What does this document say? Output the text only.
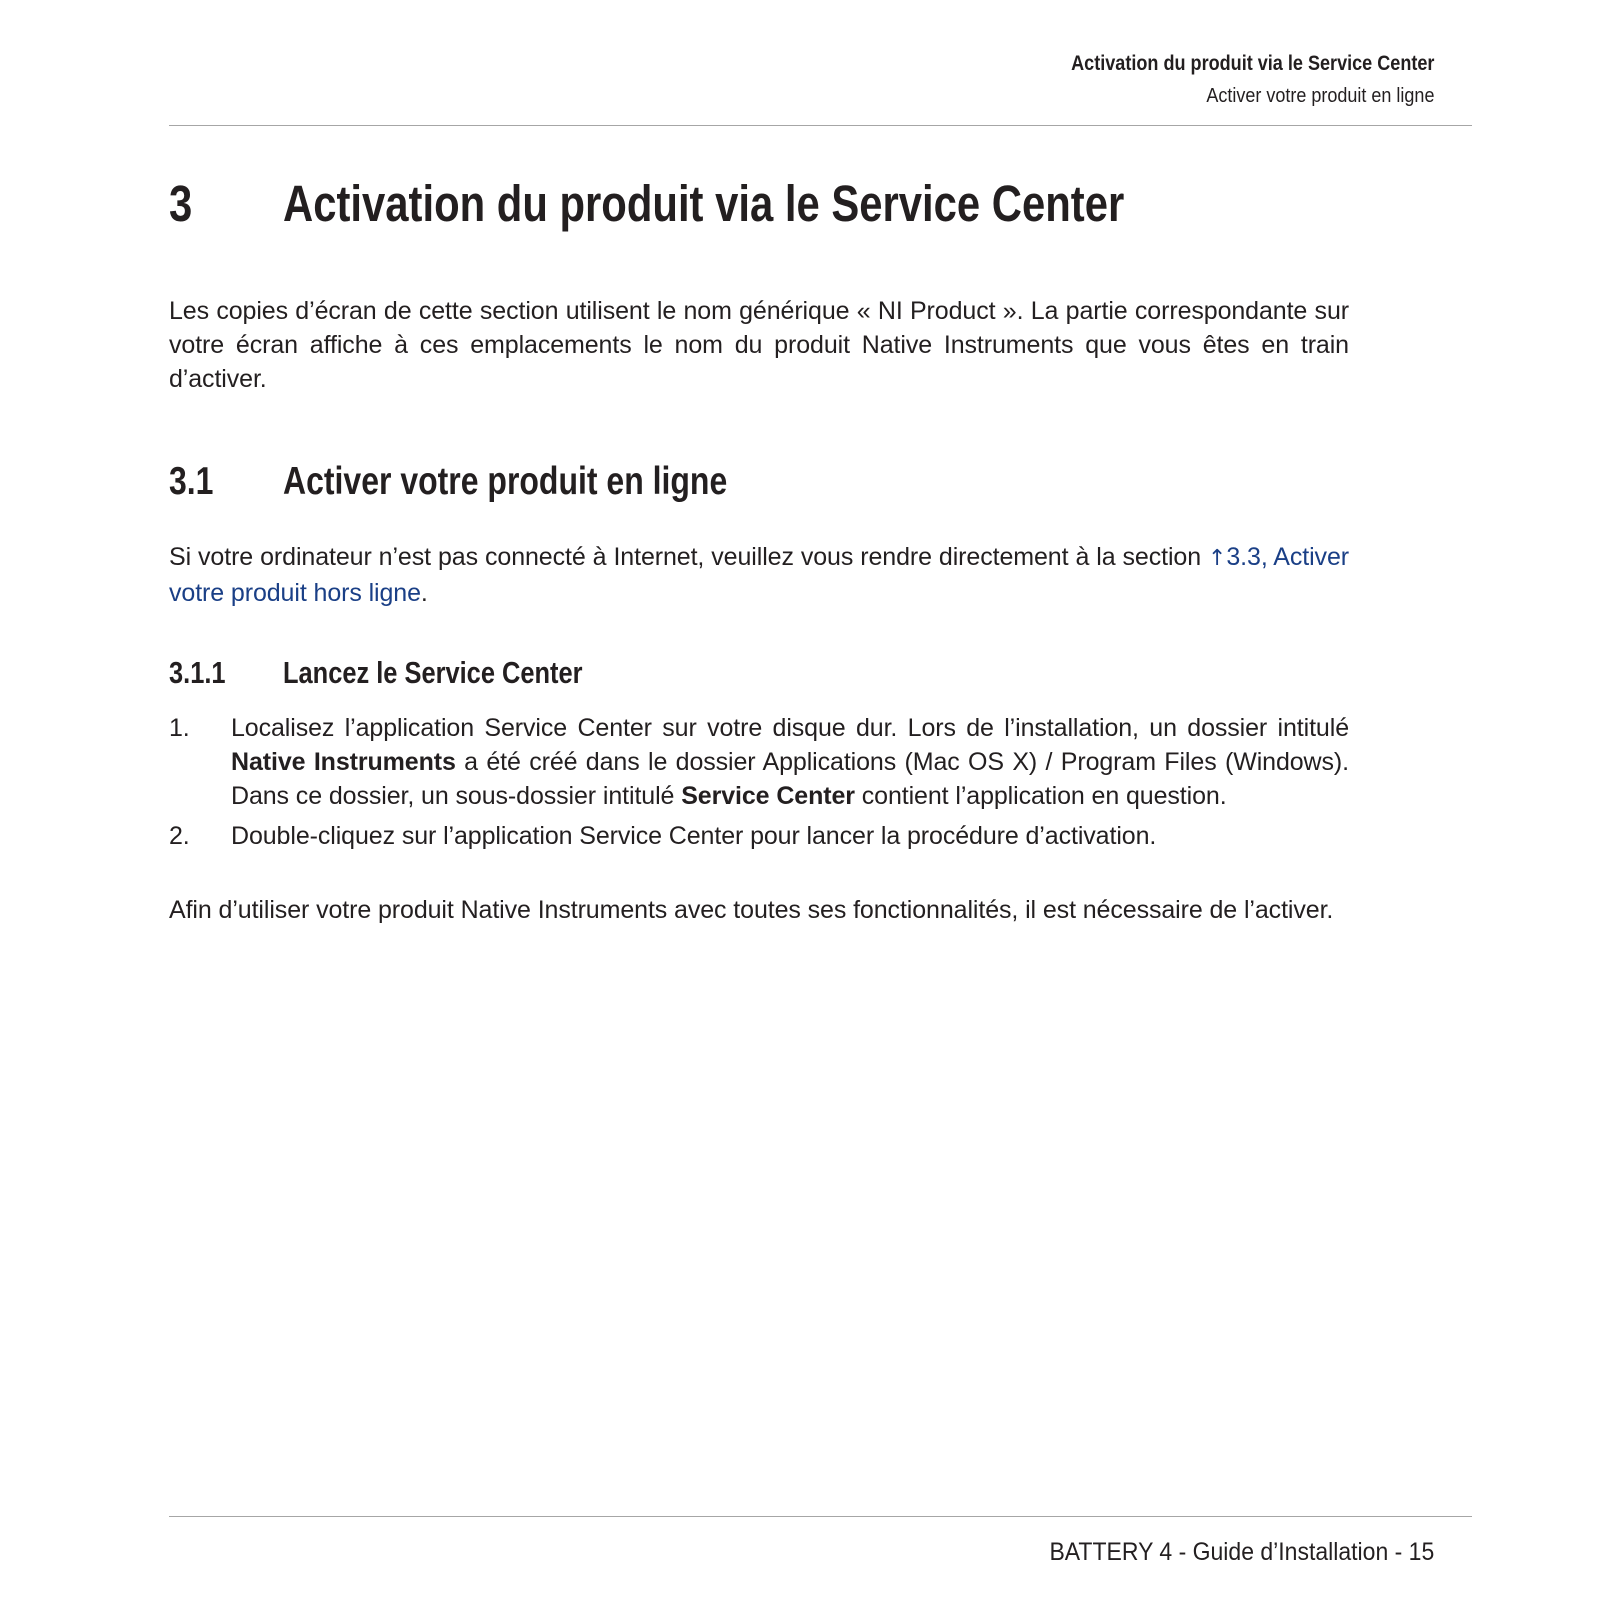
Activation du produit via le Service Center
Activer votre produit en ligne
3 Activation du produit via le Service Center

Les copies d’écran de cette section utilisent le nom générique « NI Product ». La partie correspondante sur votre écran affiche à ces emplacements le nom du produit Native Instruments que vous êtes en train d’activer.

3.1 Activer votre produit en ligne

Si votre ordinateur n’est pas connecté à Internet, veuillez vous rendre directement à la section ↑3.3, Activer votre produit hors ligne.

3.1.1 Lancez le Service Center
1. Localisez l’application Service Center sur votre disque dur. Lors de l’installation, un dossier intitulé Native Instruments a été créé dans le dossier Applications (Mac OS X) / Program Files (Windows). Dans ce dossier, un sous-dossier intitulé Service Center contient l’application en question.
2. Double-cliquez sur l’application Service Center pour lancer la procédure d’activation.

Afin d’utiliser votre produit Native Instruments avec toutes ses fonctionnalités, il est nécessaire de l’activer.

BATTERY 4 - Guide d’Installation - 15
